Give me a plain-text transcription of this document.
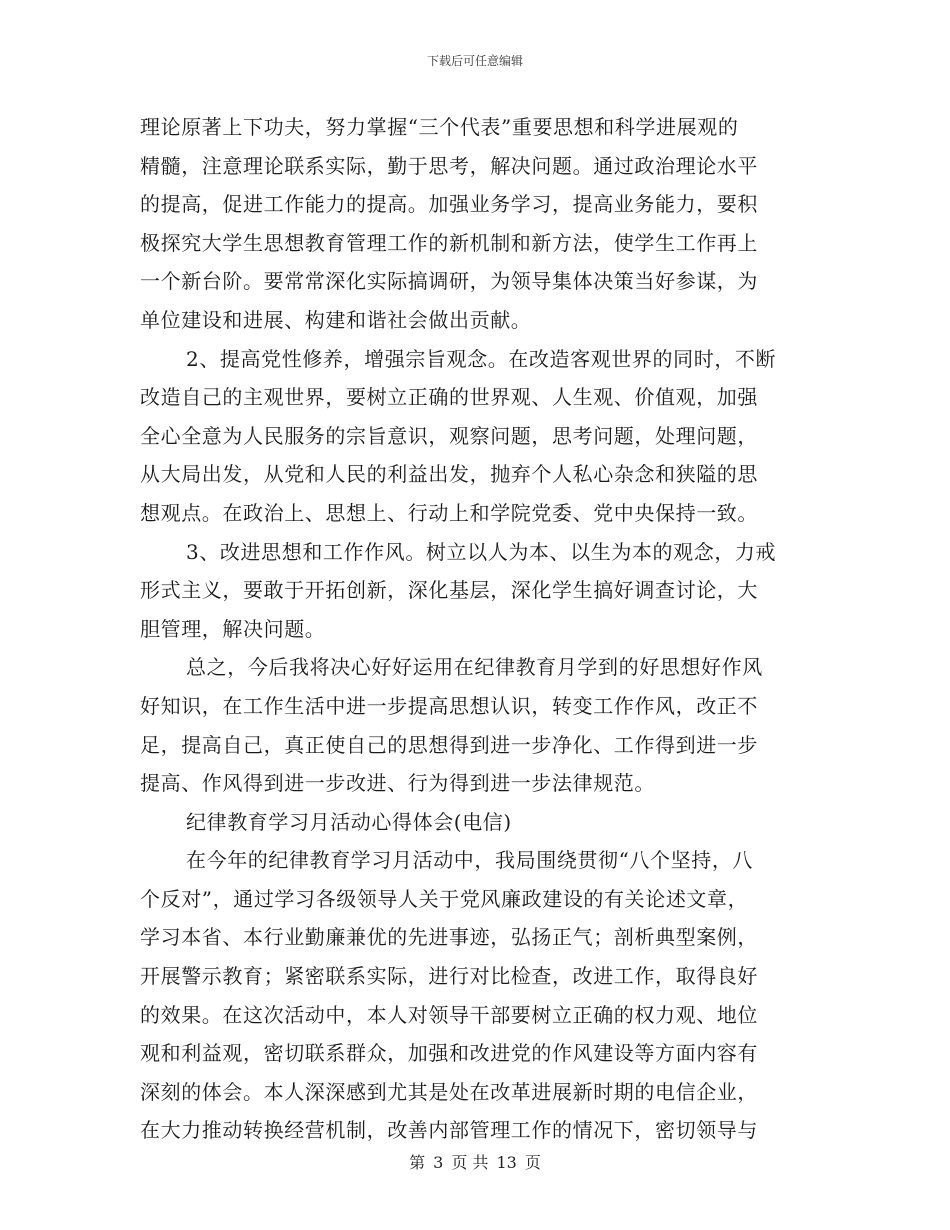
下载后可任意编辑
理论原著上下功夫，努力掌握“三个代表”重要思想和科学进展观的
精髓，注意理论联系实际，勤于思考，解决问题。通过政治理论水平
的提高，促进工作能力的提高。加强业务学习，提高业务能力，要积
极探究大学生思想教育管理工作的新机制和新方法，使学生工作再上
一个新台阶。要常常深化实际搞调研，为领导集体决策当好参谋，为
单位建设和进展、构建和谐社会做出贡献。
2、提高党性修养，增强宗旨观念。在改造客观世界的同时，不断
改造自己的主观世界，要树立正确的世界观、人生观、价值观，加强
全心全意为人民服务的宗旨意识，观察问题，思考问题，处理问题，
从大局出发，从党和人民的利益出发，抛弃个人私心杂念和狭隘的思
想观点。在政治上、思想上、行动上和学院党委、党中央保持一致。
3、改进思想和工作作风。树立以人为本、以生为本的观念，力戒
形式主义，要敢于开拓创新，深化基层，深化学生搞好调查讨论，大
胆管理，解决问题。
总之，今后我将决心好好运用在纪律教育月学到的好思想好作风
好知识，在工作生活中进一步提高思想认识，转变工作作风，改正不
足，提高自己，真正使自己的思想得到进一步净化、工作得到进一步
提高、作风得到进一步改进、行为得到进一步法律规范。
纪律教育学习月活动心得体会(电信)
在今年的纪律教育学习月活动中，我局围绕贯彻“八个坚持，八
个反对”，通过学习各级领导人关于党风廉政建设的有关论述文章，
学习本省、本行业勤廉兼优的先进事迹，弘扬正气；剖析典型案例，
开展警示教育；紧密联系实际，进行对比检查，改进工作，取得良好
的效果。在这次活动中，本人对领导干部要树立正确的权力观、地位
观和利益观，密切联系群众，加强和改进党的作风建设等方面内容有
深刻的体会。本人深深感到尤其是处在改革进展新时期的电信企业，
在大力推动转换经营机制，改善内部管理工作的情况下，密切领导与
第 3 页 共 13 页
